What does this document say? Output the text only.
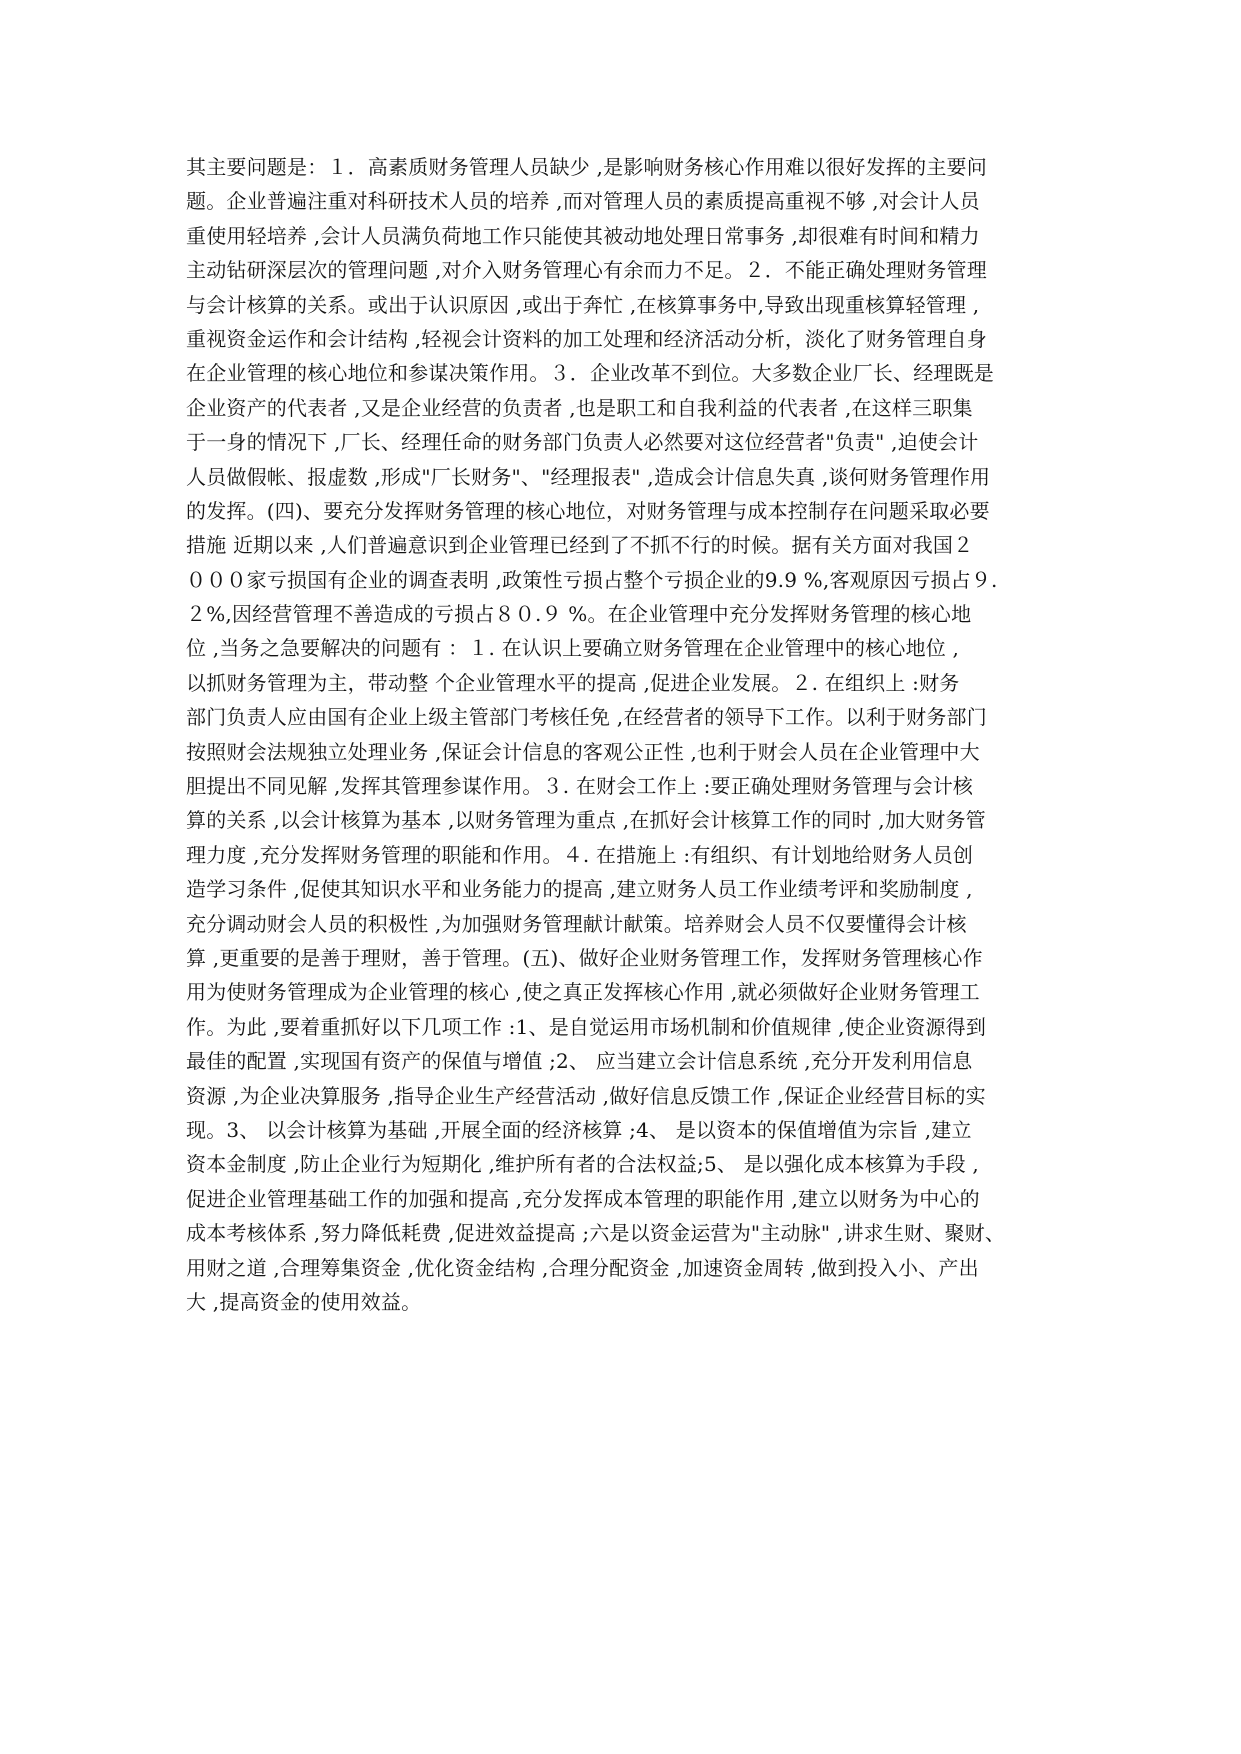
其主要问题是：１．高素质财务管理人员缺少 ,是影响财务核心作用难以很好发挥的主要问
题。企业普遍注重对科研技术人员的培养 ,而对管理人员的素质提高重视不够 ,对会计人员
重使用轻培养 ,会计人员满负荷地工作只能使其被动地处理日常事务 ,却很难有时间和精力
主动钻研深层次的管理问题 ,对介入财务管理心有余而力不足。２．不能正确处理财务管理
与会计核算的关系。或出于认识原因 ,或出于奔忙 ,在核算事务中,导致出现重核算轻管理 ,
重视资金运作和会计结构 ,轻视会计资料的加工处理和经济活动分析，淡化了财务管理自身
在企业管理的核心地位和参谋决策作用。３．企业改革不到位。大多数企业厂长、经理既是
企业资产的代表者 ,又是企业经营的负责者 ,也是职工和自我利益的代表者 ,在这样三职集
于一身的情况下 ,厂长、经理任命的财务部门负责人必然要对这位经营者"负责" ,迫使会计
人员做假帐、报虚数 ,形成"厂长财务"、"经理报表" ,造成会计信息失真 ,谈何财务管理作用
的发挥。(四)、要充分发挥财务管理的核心地位，对财务管理与成本控制存在问题采取必要
措施 近期以来 ,人们普遍意识到企业管理已经到了不抓不行的时候。据有关方面对我国２
０００家亏损国有企业的调查表明 ,政策性亏损占整个亏损企业的9.9 %,客观原因亏损占９.
２%,因经营管理不善造成的亏损占８０.９ %。在企业管理中充分发挥财务管理的核心地
位 ,当务之急要解决的问题有 ：１. 在认识上要确立财务管理在企业管理中的核心地位 ,
以抓财务管理为主，带动整 个企业管理水平的提高 ,促进企业发展。２. 在组织上 :财务
部门负责人应由国有企业上级主管部门考核任免 ,在经营者的领导下工作。以利于财务部门
按照财会法规独立处理业务 ,保证会计信息的客观公正性 ,也利于财会人员在企业管理中大
胆提出不同见解 ,发挥其管理参谋作用。３. 在财会工作上 :要正确处理财务管理与会计核
算的关系 ,以会计核算为基本 ,以财务管理为重点 ,在抓好会计核算工作的同时 ,加大财务管
理力度 ,充分发挥财务管理的职能和作用。４. 在措施上 :有组织、有计划地给财务人员创
造学习条件 ,促使其知识水平和业务能力的提高 ,建立财务人员工作业绩考评和奖励制度 ,
充分调动财会人员的积极性 ,为加强财务管理献计献策。培养财会人员不仅要懂得会计核
算 ,更重要的是善于理财，善于管理。(五)、做好企业财务管理工作，发挥财务管理核心作
用为使财务管理成为企业管理的核心 ,使之真正发挥核心作用 ,就必须做好企业财务管理工
作。为此 ,要着重抓好以下几项工作 :1、是自觉运用市场机制和价值规律 ,使企业资源得到
最佳的配置 ,实现国有资产的保值与增值 ;2、 应当建立会计信息系统 ,充分开发利用信息
资源 ,为企业决算服务 ,指导企业生产经营活动 ,做好信息反馈工作 ,保证企业经营目标的实
现。3、 以会计核算为基础 ,开展全面的经济核算 ;4、 是以资本的保值增值为宗旨 ,建立
资本金制度 ,防止企业行为短期化 ,维护所有者的合法权益;5、 是以强化成本核算为手段 ,
促进企业管理基础工作的加强和提高 ,充分发挥成本管理的职能作用 ,建立以财务为中心的
成本考核体系 ,努力降低耗费 ,促进效益提高 ;六是以资金运营为"主动脉" ,讲求生财、聚财、
用财之道 ,合理筹集资金 ,优化资金结构 ,合理分配资金 ,加速资金周转 ,做到投入小、产出
大 ,提高资金的使用效益。
